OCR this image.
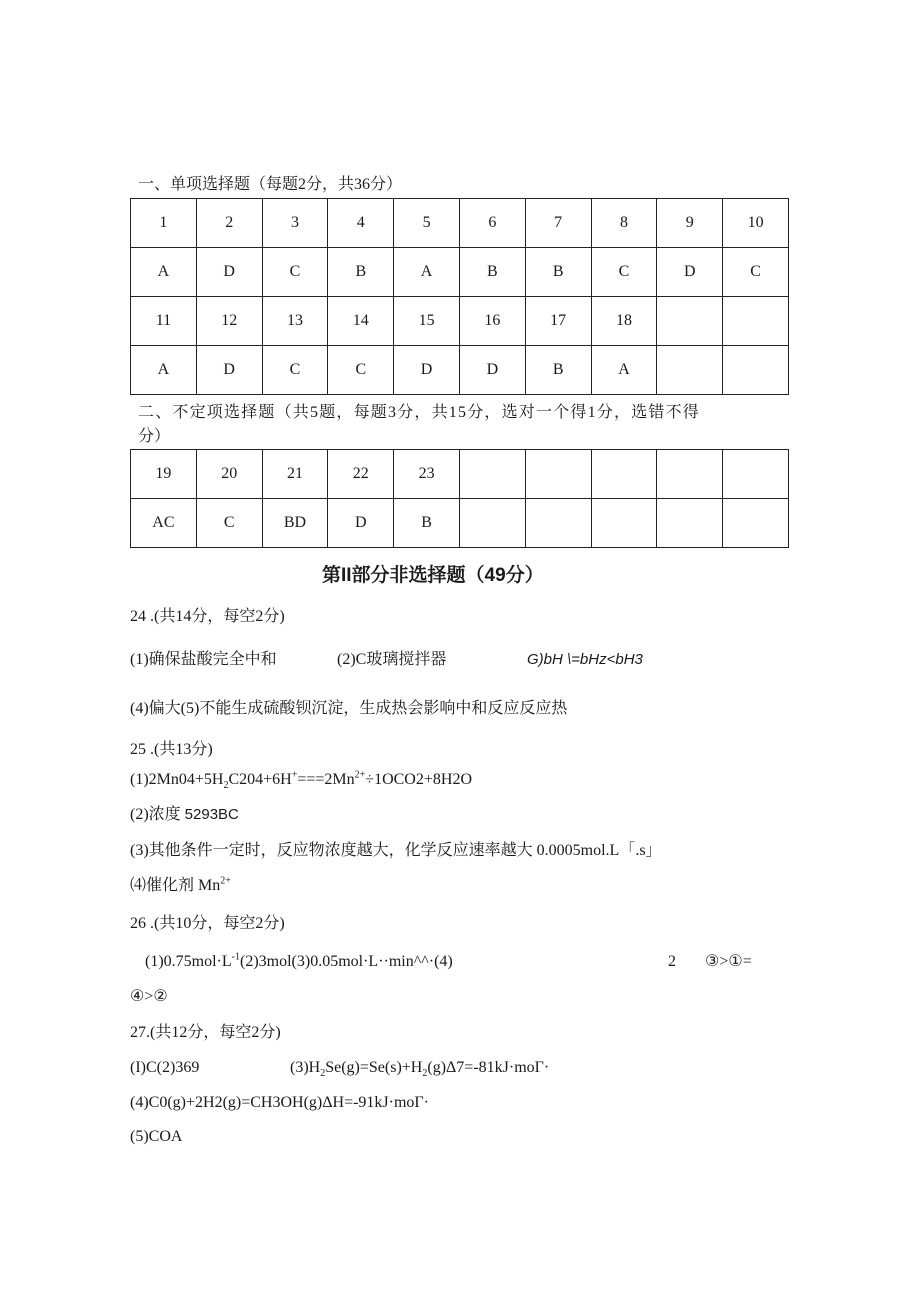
一、单项选择题（每题2分，共36分）
1	2	3	4	5	6	7	8	9	10
A	D	C	B	A	B	B	C	D	C
11	12	13	14	15	16	17	18		
A	D	C	C	D	D	B	A		
二、不定项选择题（共5题，每题3分，共15分，选对一个得1分，选错不得
分）
19	20	21	22	23					
AC	C	BD	D	B					
第II部分非选择题（49分）
24 .(共14分，每空2分)
(1)确保盐酸完全中和	(2)C玻璃搅拌器	G)bH \=bHz<bH3
(4)偏大(5)不能生成硫酸钡沉淀，生成热会影响中和反应反应热
25 .(共13分)
$(1)2Mn04+5H_2C204+6H^+===2Mn^{2+}\div 1OCO2+8H2O$
(2)浓度 5293BC
(3)其他条件一定时，反应物浓度越大，化学反应速率越大 0.0005mol.L「.s」
⑷催化剂 $Mn^{2+}$
26 .(共10分，每空2分)
$(1)0.75mol\cdot L^{-1}(2)3mol(3)0.05mol\cdot L\cdot\cdot\min\^{}\^{}\cdot(4)$	2 ③>①=
④>②
27.(共12分，每空2分)
(I)C(2)369	$(3)H_2Se(g)=Se(s)+H_2(g)\Delta 7=-81kJ\cdot mo\Gamma\cdot$
(4)C0(g)+2H2(g)=CH3OH(g)ΔH=-91kJ·moΓ·
(5)COA
